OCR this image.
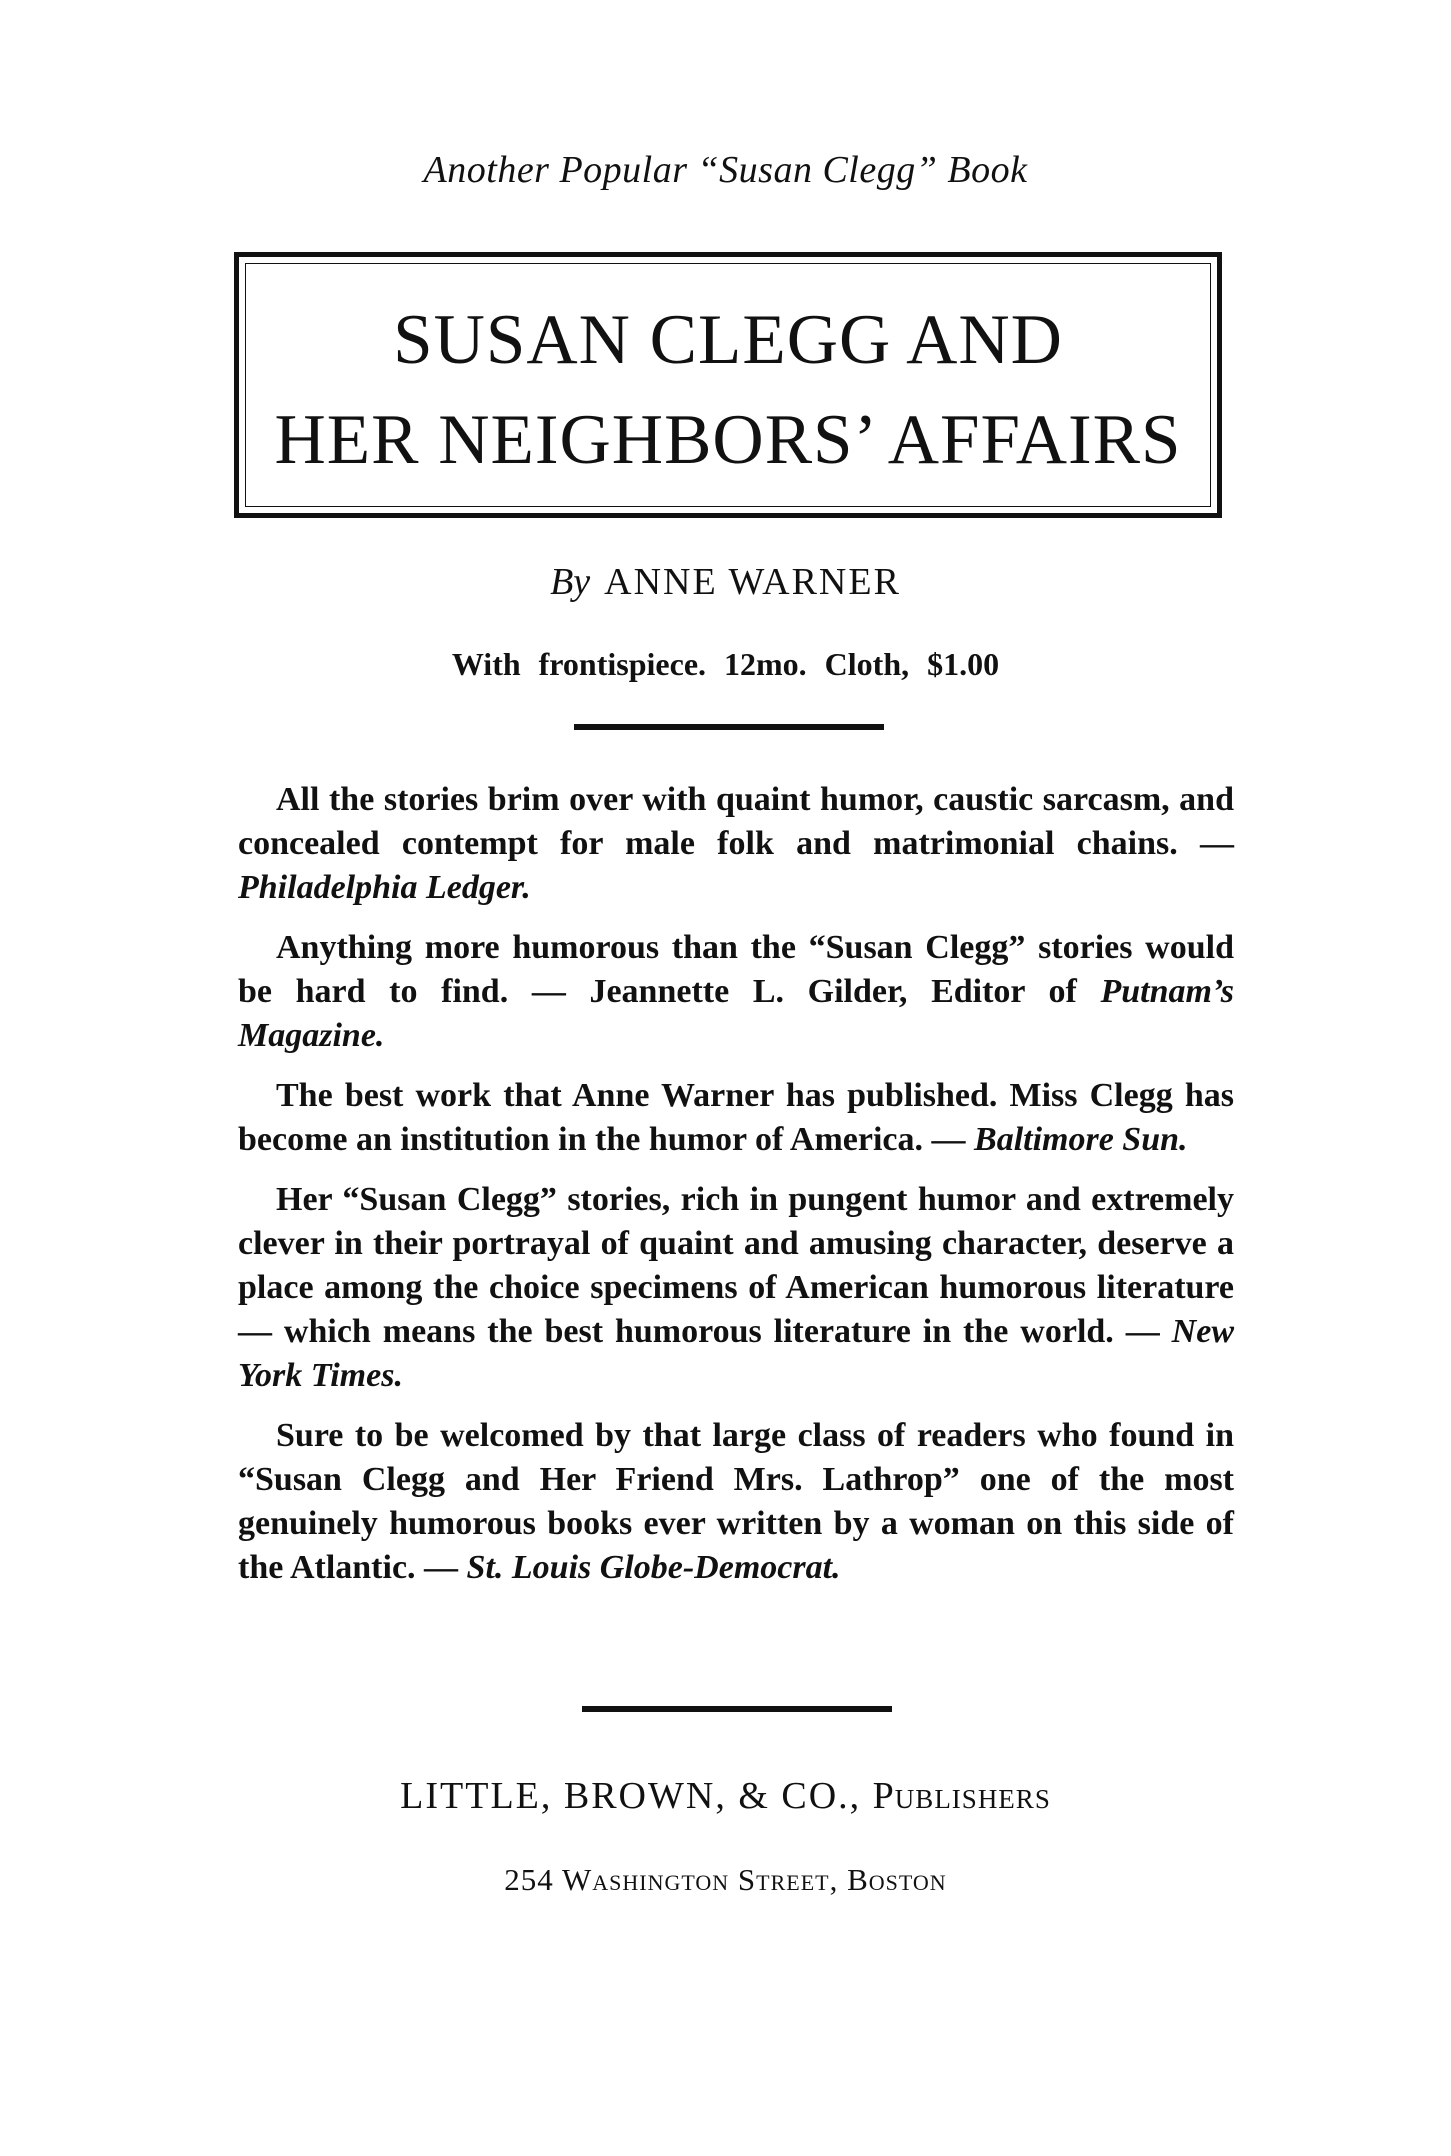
Another Popular “Susan Clegg” Book
SUSAN CLEGG AND
HER NEIGHBORS’ AFFAIRS
By ANNE WARNER
With frontispiece. 12mo. Cloth, $1.00

All the stories brim over with quaint humor, caustic sarcasm, and concealed contempt for male folk and matrimonial chains. — Philadelphia Ledger.

Anything more humorous than the “Susan Clegg” stories would be hard to find. — Jeannette L. Gilder, Editor of Putnam’s Magazine.

The best work that Anne Warner has published. Miss Clegg has become an institution in the humor of America. — Baltimore Sun.

Her “Susan Clegg” stories, rich in pungent humor and extremely clever in their portrayal of quaint and amusing character, deserve a place among the choice specimens of American humorous literature — which means the best humorous literature in the world. — New York Times.

Sure to be welcomed by that large class of readers who found in “Susan Clegg and Her Friend Mrs. Lathrop” one of the most genuinely humorous books ever written by a woman on this side of the Atlantic. — St. Louis Globe-Democrat.

LITTLE, BROWN, & CO., Publishers
254 Washington Street, Boston
